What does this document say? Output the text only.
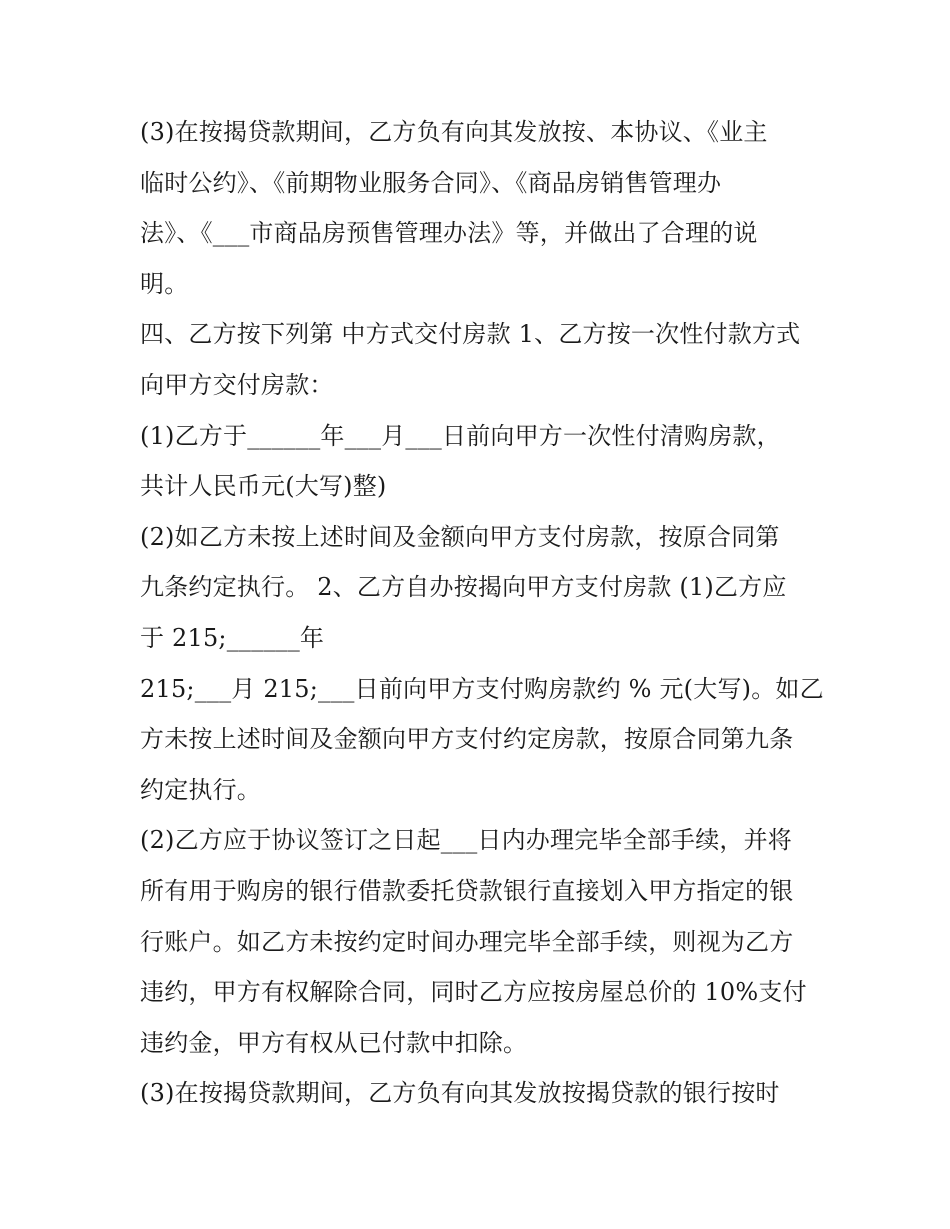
(3)在按揭贷款期间，乙方负有向其发放按、本协议、《业主
临时公约》、《前期物业服务合同》、《商品房销售管理办
法》、《___市商品房预售管理办法》等，并做出了合理的说
明。
四、乙方按下列第 中方式交付房款 1、乙方按一次性付款方式
向甲方交付房款：
(1)乙方于______年___月___日前向甲方一次性付清购房款，
共计人民币元(大写)整)
(2)如乙方未按上述时间及金额向甲方支付房款，按原合同第
九条约定执行。 2、乙方自办按揭向甲方支付房款 (1)乙方应
于 215;______年
215;___月 215;___日前向甲方支付购房款约 % 元(大写)。如乙
方未按上述时间及金额向甲方支付约定房款，按原合同第九条
约定执行。
(2)乙方应于协议签订之日起___日内办理完毕全部手续，并将
所有用于购房的银行借款委托贷款银行直接划入甲方指定的银
行账户。如乙方未按约定时间办理完毕全部手续，则视为乙方
违约，甲方有权解除合同，同时乙方应按房屋总价的 10%支付
违约金，甲方有权从已付款中扣除。
(3)在按揭贷款期间，乙方负有向其发放按揭贷款的银行按时
